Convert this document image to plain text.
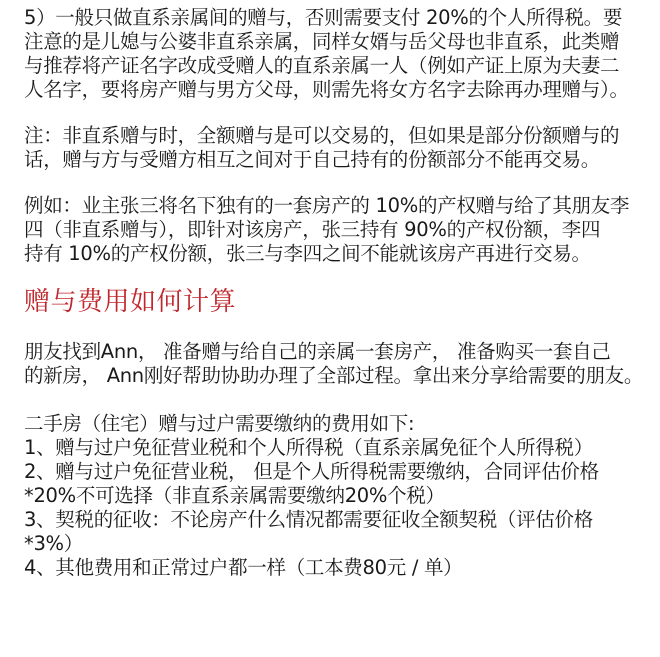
5）一般只做直系亲属间的赠与，否则需要支付 20%的个人所得税。要
注意的是儿媳与公婆非直系亲属，同样女婿与岳父母也非直系，此类赠
与推荐将产证名字改成受赠人的直系亲属一人（例如产证上原为夫妻二
人名字，要将房产赠与男方父母，则需先将女方名字去除再办理赠与）。

注：非直系赠与时，全额赠与是可以交易的，但如果是部分份额赠与的
话，赠与方与受赠方相互之间对于自己持有的份额部分不能再交易。

例如：业主张三将名下独有的一套房产的 10%的产权赠与给了其朋友李
四（非直系赠与），即针对该房产，张三持有 90%的产权份额，李四
持有 10%的产权份额，张三与李四之间不能就该房产再进行交易。

赠与费用如何计算

朋友找到Ann， 准备赠与给自己的亲属一套房产， 准备购买一套自己
的新房， Ann刚好帮助协助办理了全部过程。拿出来分享给需要的朋友。

二手房（住宅）赠与过户需要缴纳的费用如下:
1、赠与过户免征营业税和个人所得税（直系亲属免征个人所得税）
2、赠与过户免征营业税， 但是个人所得税需要缴纳，合同评估价格
*20%不可选择（非直系亲属需要缴纳20%个税）
3、契税的征收：不论房产什么情况都需要征收全额契税（评估价格
*3%）
4、其他费用和正常过户都一样（工本费80元 / 单）
